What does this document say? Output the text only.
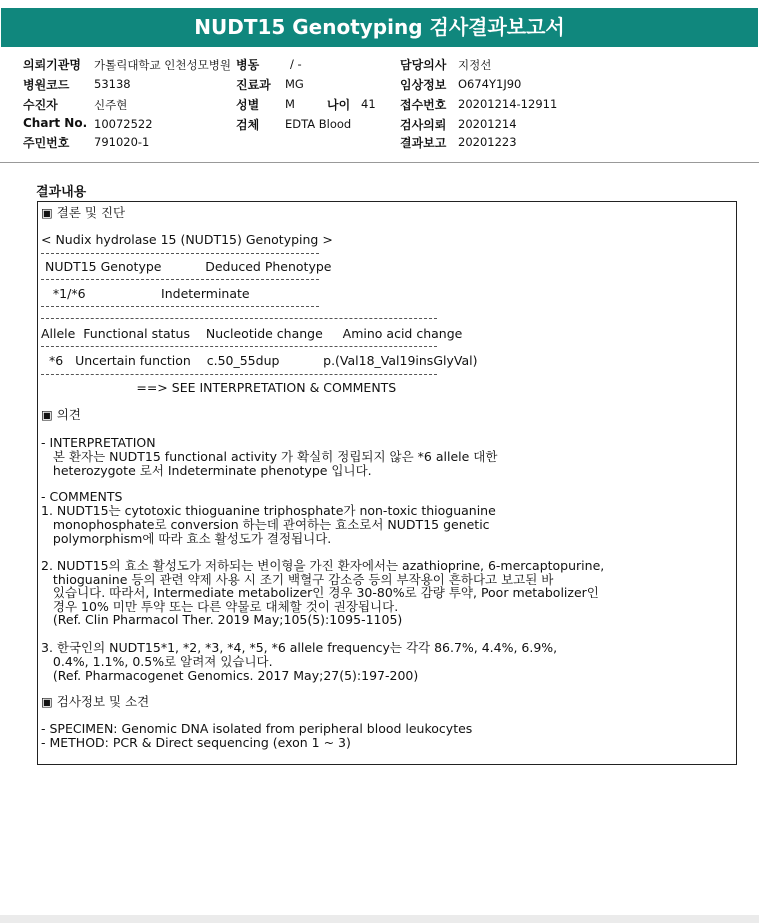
NUDT15 Genotyping 검사결과보고서
의뢰기관명 가톨릭대학교 인천성모병원 병동	/ -	담당의사 지정선
병원코드 53138	진료과 MG	임상정보 O674Y1J90
수진자	신주현	성별 M	나이 41 접수번호 20201214-12911
Chart No. 10072522	검체 EDTA Blood	검사의뢰 20201214
주민번호 791020-1	결과보고 20201223
결과내용
▣ 결론 및 진단
< Nudix hydrolase 15 (NUDT15) Genotyping >
NUDT15 Genotype           Deduced Phenotype
*1/*6                   Indeterminate
Allele  Functional status    Nucleotide change     Amino acid change
*6   Uncertain function    c.50_55dup           p.(Val18_Val19insGlyVal)
==> SEE INTERPRETATION & COMMENTS
▣ 의견
- INTERPRETATION
본 환자는 NUDT15 functional activity 가 확실히 정립되지 않은 *6 allele 대한
heterozygote 로서 Indeterminate phenotype 입니다.
- COMMENTS
1. NUDT15는 cytotoxic thioguanine triphosphate가 non-toxic thioguanine
monophosphate로 conversion 하는데 관여하는 효소로서 NUDT15 genetic
polymorphism에 따라 효소 활성도가 결정됩니다.
2. NUDT15의 효소 활성도가 저하되는 변이형을 가진 환자에서는 azathioprine, 6-mercaptopurine,
thioguanine 등의 관련 약제 사용 시 조기 백혈구 감소증 등의 부작용이 흔하다고 보고된 바
있습니다. 따라서, Intermediate metabolizer인 경우 30-80%로 감량 투약, Poor metabolizer인
경우 10% 미만 투약 또는 다른 약물로 대체할 것이 권장됩니다.
(Ref. Clin Pharmacol Ther. 2019 May;105(5):1095-1105)
3. 한국인의 NUDT15*1, *2, *3, *4, *5, *6 allele frequency는 각각 86.7%, 4.4%, 6.9%,
0.4%, 1.1%, 0.5%로 알려져 있습니다.
(Ref. Pharmacogenet Genomics. 2017 May;27(5):197-200)
▣ 검사정보 및 소견
- SPECIMEN: Genomic DNA isolated from peripheral blood leukocytes
- METHOD: PCR & Direct sequencing (exon 1 ~ 3)
